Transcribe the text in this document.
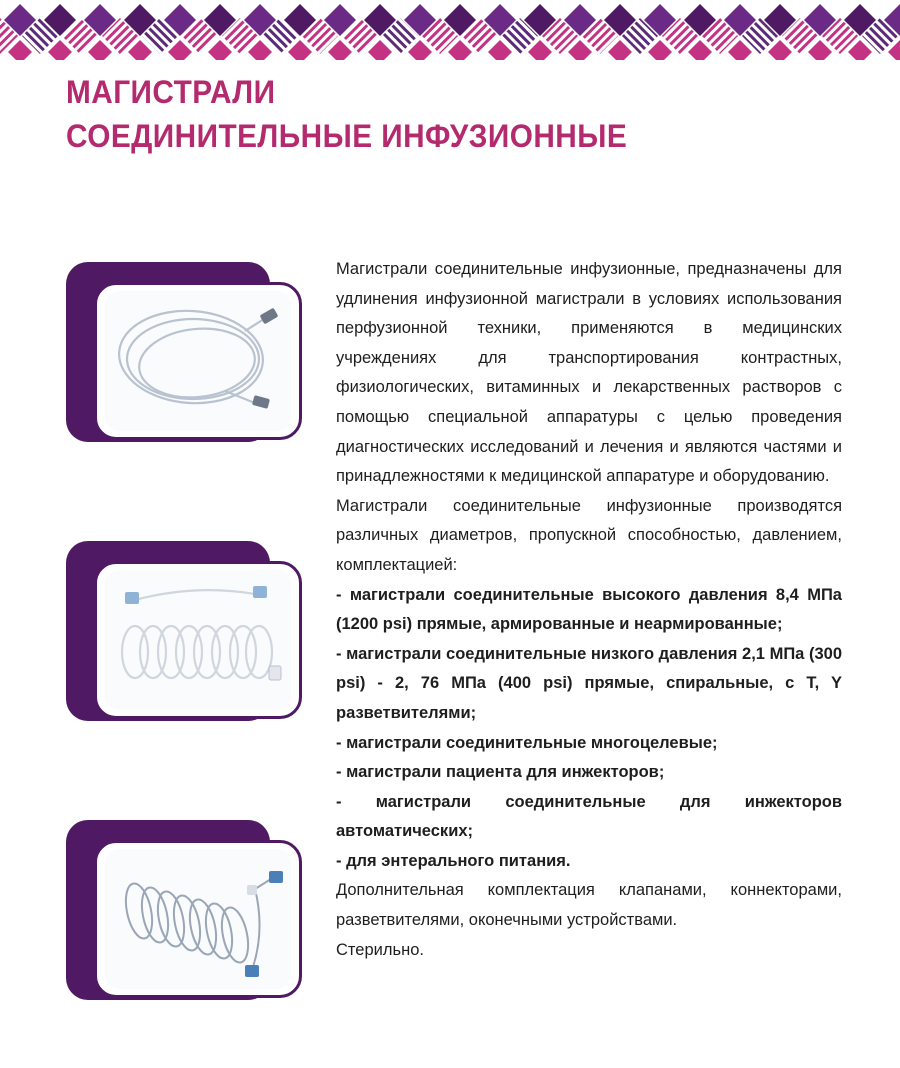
МАГИСТРАЛИ
СОЕДИНИТЕЛЬНЫЕ ИНФУЗИОННЫЕ

Магистрали соединительные инфузионные, предназначены для удлинения инфузионной магистрали в условиях использования перфузионной техники, применяются в медицинских учреждениях для транспортирования контрастных, физиологических, витаминных и лекарственных растворов с помощью специальной аппаратуры с целью проведения диагностических исследований и лечения и являются частями и принадлежностями к медицинской аппаратуре и оборудованию.

Магистрали соединительные инфузионные производятся различных диаметров, пропускной способностью, давлением, комплектацией:

- магистрали соединительные высокого давления 8,4 МПа (1200 psi) прямые, армированные и неармированные;

- магистрали соединительные низкого давления 2,1 МПа (300 psi) - 2, 76 МПа (400 psi) прямые, спиральные, с T, Y разветвителями;

- магистрали соединительные многоцелевые;

- магистрали пациента для инжекторов;

- магистрали соединительные для инжекторов автоматических;

- для энтерального питания.

Дополнительная комплектация клапанами, коннекторами, разветвителями, оконечными устройствами.

Стерильно.
